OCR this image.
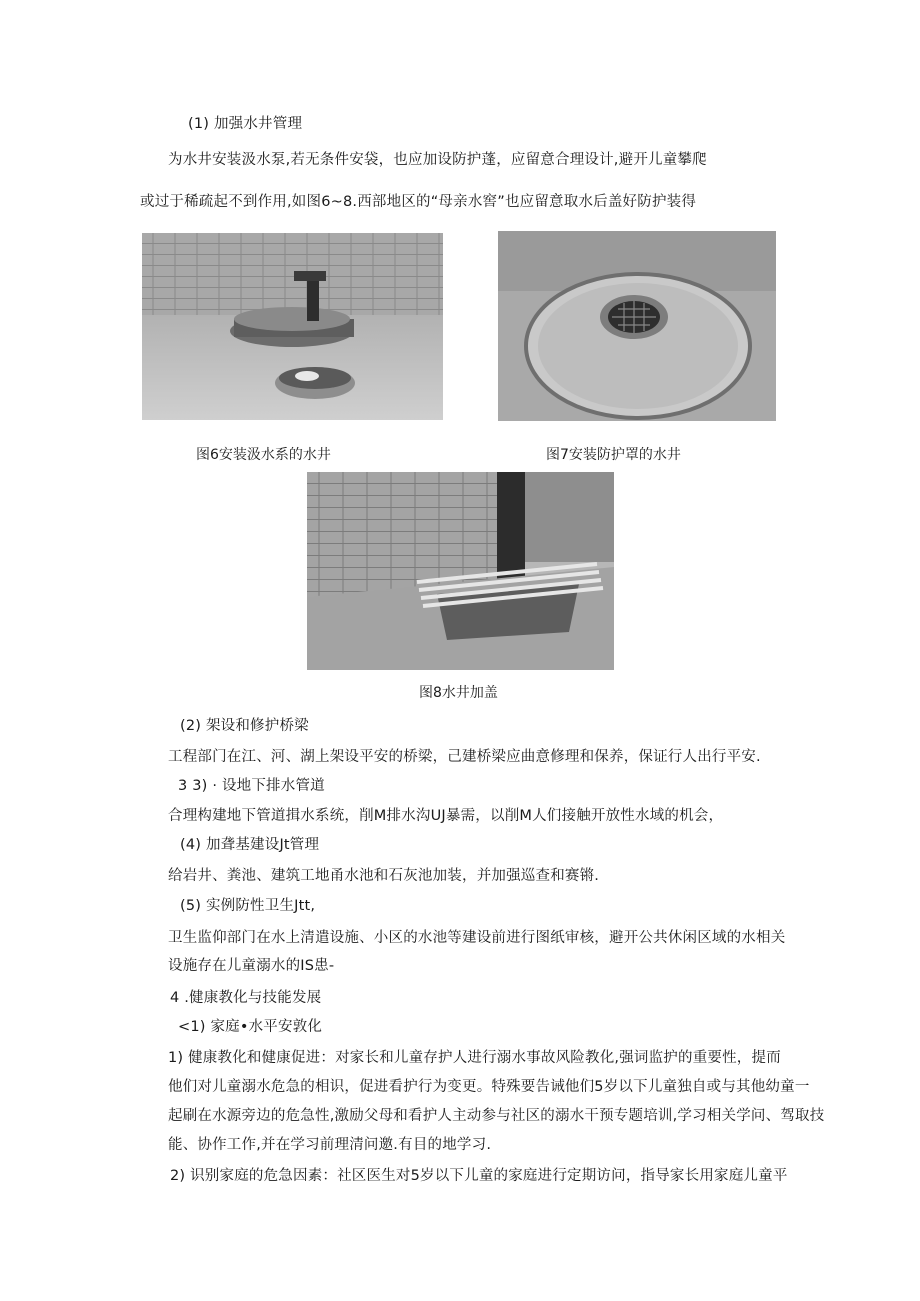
(1) 加强水井管理
为水井安装汲水泵,若无条件安袋，也应加设防护蓬，应留意合理设计,避开儿童攀爬
或过于稀疏起不到作用,如图6~8.西部地区的“母亲水窖”也应留意取水后盖好防护装得
图6安装汲水系的水井	图7安装防护罩的水井
图8水井加盖
(2) 架设和修护桥梁
工程部门在江、河、湖上架设平安的桥梁，己建桥梁应曲意修理和保养，保证行人出行平安.
3 3) · 设地下排水管道
合理构建地下管道揖水系统，削M排水沟UJ暴需，以削M人们接触开放性水域的机会，
(4) 加聋基建设Jt管理
给岩井、粪池、建筑工地甬水池和石灰池加装，并加强巡查和赛锵.
(5) 实例防性卫生Jtt,
卫生监仰部门在水上清遣设施、小区的水池等建设前进行图纸审核，避开公共休闲区域的水相关
设施存在儿童溺水的IS患-
4 .健康教化与技能发展
<1) 家庭•水平安敦化
1) 健康教化和健康促进：对家长和儿童存护人进行溺水事故风险教化,强词监护的重要性，提而
他们对儿童溺水危急的相识，促进看护行为变更。特殊要告诫他们5岁以下儿童独自或与其他幼童一
起刷在水源旁边的危急性,激励父母和看护人主动参与社区的溺水干预专题培训,学习相关学问、驾取技
能、协作工作,并在学习前理清问邀.有目的地学习.
2) 识别家庭的危急因素：社区医生对5岁以下儿童的家庭进行定期访问，指导家长用家庭儿童平
